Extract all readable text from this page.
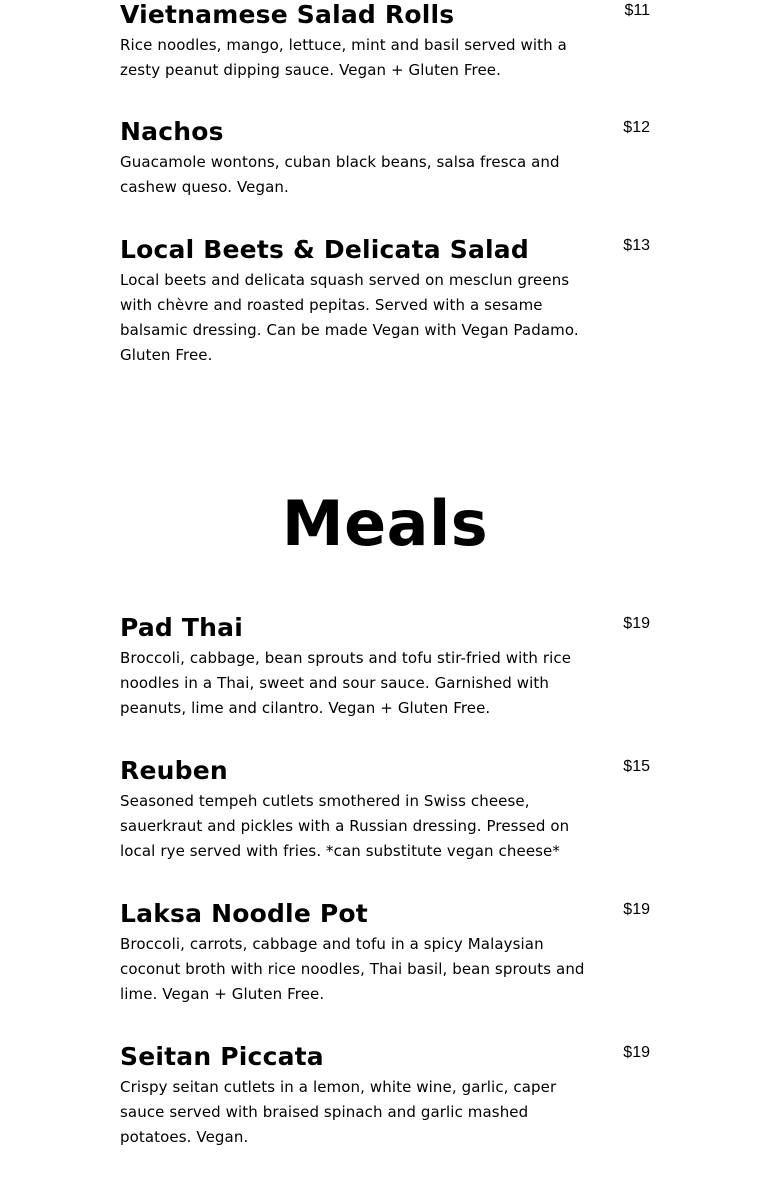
Vietnamese Salad Rolls	$11
Rice noodles, mango, lettuce, mint and basil served with a zesty peanut dipping sauce. Vegan + Gluten Free.
Nachos	$12
Guacamole wontons, cuban black beans, salsa fresca and cashew queso. Vegan.
Local Beets & Delicata Salad	$13
Local beets and delicata squash served on mesclun greens with chèvre and roasted pepitas. Served with a sesame balsamic dressing. Can be made Vegan with Vegan Padamo. Gluten Free.
Meals
Pad Thai	$19
Broccoli, cabbage, bean sprouts and tofu stir-fried with rice noodles in a Thai, sweet and sour sauce. Garnished with peanuts, lime and cilantro. Vegan + Gluten Free.
Reuben	$15
Seasoned tempeh cutlets smothered in Swiss cheese, sauerkraut and pickles with a Russian dressing. Pressed on local rye served with fries. *can substitute vegan cheese*
Laksa Noodle Pot	$19
Broccoli, carrots, cabbage and tofu in a spicy Malaysian coconut broth with rice noodles, Thai basil, bean sprouts and lime. Vegan + Gluten Free.
Seitan Piccata	$19
Crispy seitan cutlets in a lemon, white wine, garlic, caper sauce served with braised spinach and garlic mashed potatoes. Vegan.
